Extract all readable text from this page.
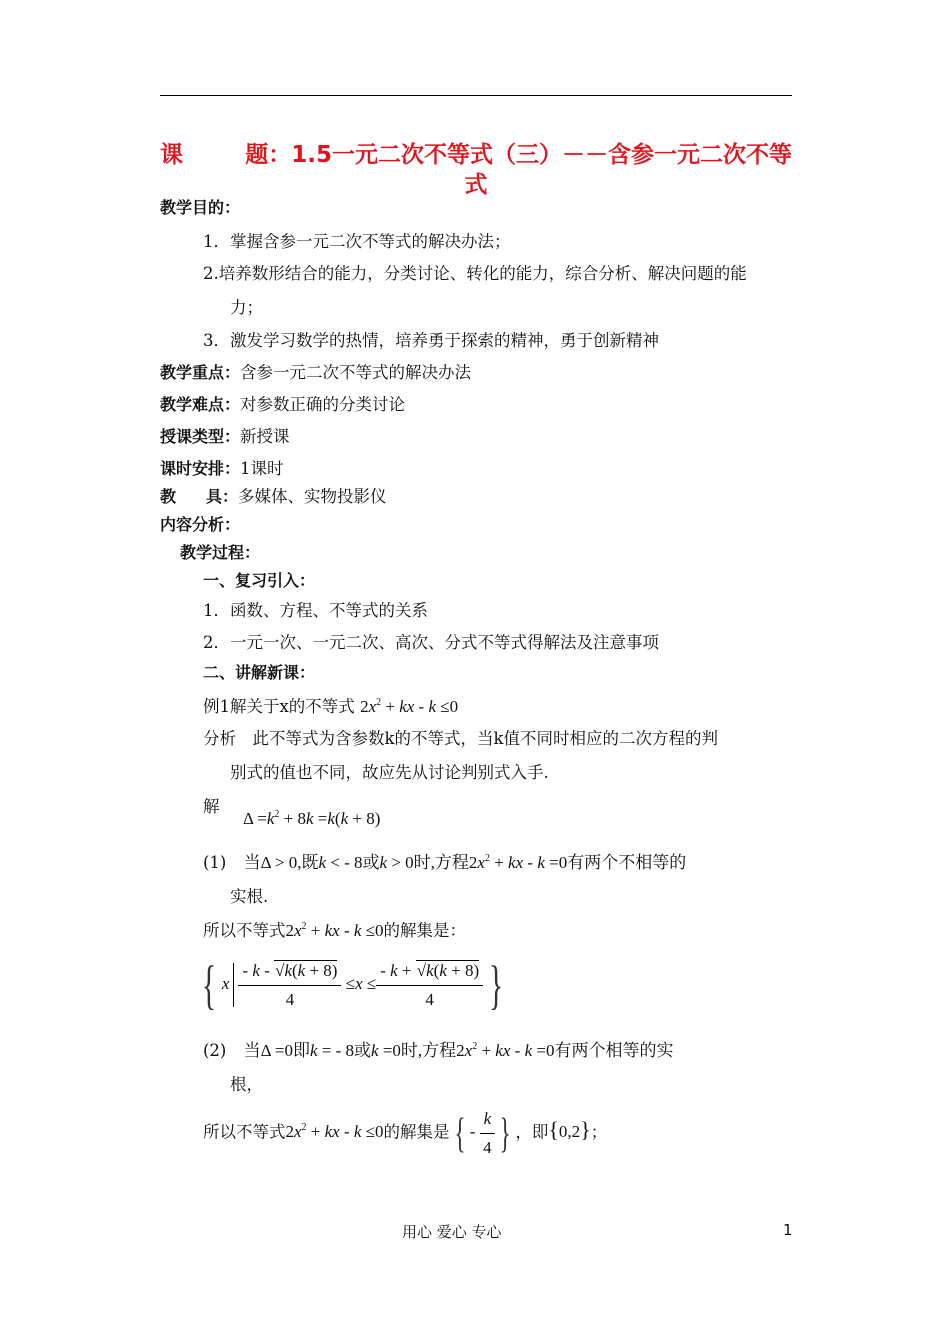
课	题：1.5一元二次不等式（三）－－含参一元二次不等
式
教学目的：
1．掌握含参一元二次不等式的解决办法；
2.培养数形结合的能力，分类讨论、转化的能力，综合分析、解决问题的能
力；
3．激发学习数学的热情，培养勇于探索的精神，勇于创新精神
教学重点：含参一元二次不等式的解决办法
教学难点：对参数正确的分类讨论
授课类型：新授课
课时安排：1课时
教 具：多媒体、实物投影仪
内容分析：
教学过程：
一、复习引入：
1．函数、方程、不等式的关系
2．一元一次、一元二次、高次、分式不等式得解法及注意事项
二、讲解新课：
例1解关于x的不等式 $2x^2$ + kx - k ≤0
分析　此不等式为含参数k的不等式，当k值不同时相应的二次方程的判
别式的值也不同，故应先从讨论判别式入手.
解
$\Delta =k^2 + 8k =k(k + 8)$
(1) 当Δ > 0,既k < - 8或k > 0时,方程$2x^2$ + kx - k =0有两个不相等的
实根.
所以不等式$2x^2$ + kx - k ≤0的解集是：
{ x $\frac{- k - √k(k + 8)}{4} \le x \le \frac{- k + √k(k + 8)}{4}$ }
(2) 当Δ =0即k = - 8或k =0时,方程$2x^2$ + kx - k =0有两个相等的实
根，
所以不等式$2x^2$ + kx - k ≤0的解集是 { - $\frac{k}{4}$ } ，即{0,2}；
用心 爱心 专心	1
